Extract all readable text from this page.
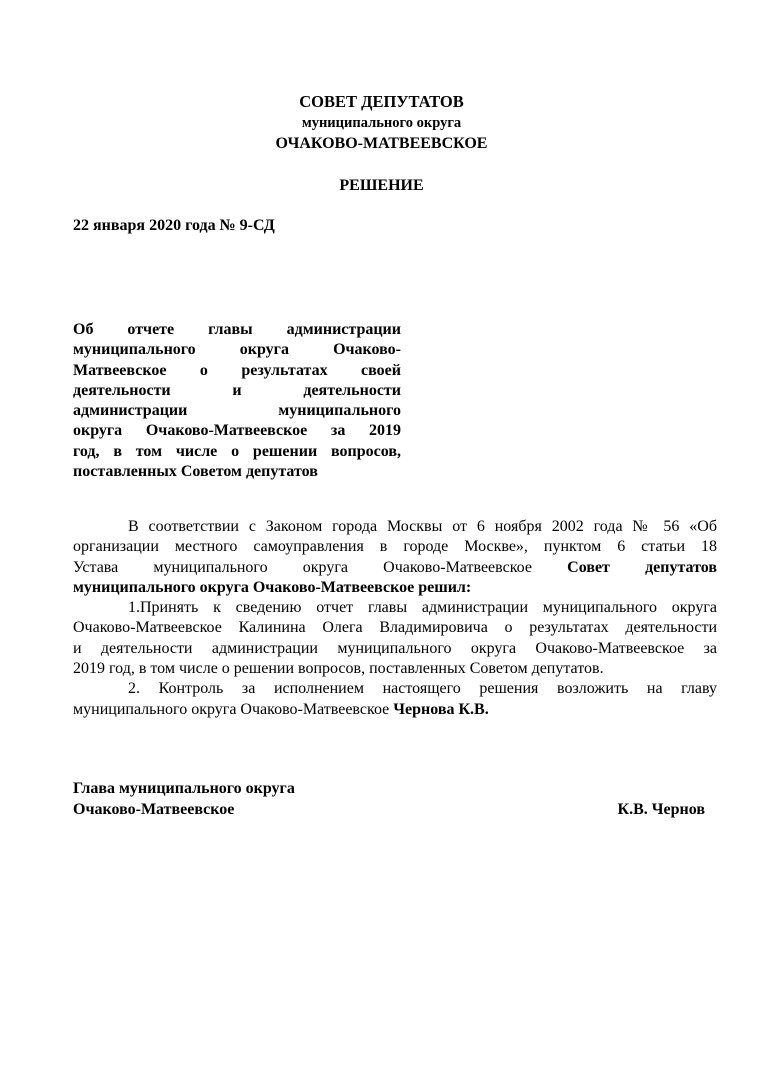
СОВЕТ ДЕПУТАТОВ
муниципального округа
ОЧАКОВО-МАТВЕЕВСКОЕ
РЕШЕНИЕ
22 января 2020 года № 9-СД
Об отчете главы администрации
муниципального округа Очаково-
Матвеевское о результатах своей
деятельности и деятельности
администрации муниципального
округа Очаково-Матвеевское за 2019
год, в том числе о решении вопросов,
поставленных Советом депутатов
В соответствии с Законом города Москвы от 6 ноября 2002 года № 56 «Об
организации местного самоуправления в городе Москве», пунктом 6 статьи 18
Устава муниципального округа Очаково-Матвеевское Совет депутатов
муниципального округа Очаково-Матвеевское решил:
1.Принять к сведению отчет главы администрации муниципального округа
Очаково-Матвеевское Калинина Олега Владимировича о результатах деятельности
и деятельности администрации муниципального округа Очаково-Матвеевское за
2019 год, в том числе о решении вопросов, поставленных Советом депутатов.
2. Контроль за исполнением настоящего решения возложить на главу
муниципального округа Очаково-Матвеевское Чернова К.В.
Глава муниципального округа
Очаково-Матвеевское	К.В. Чернов
